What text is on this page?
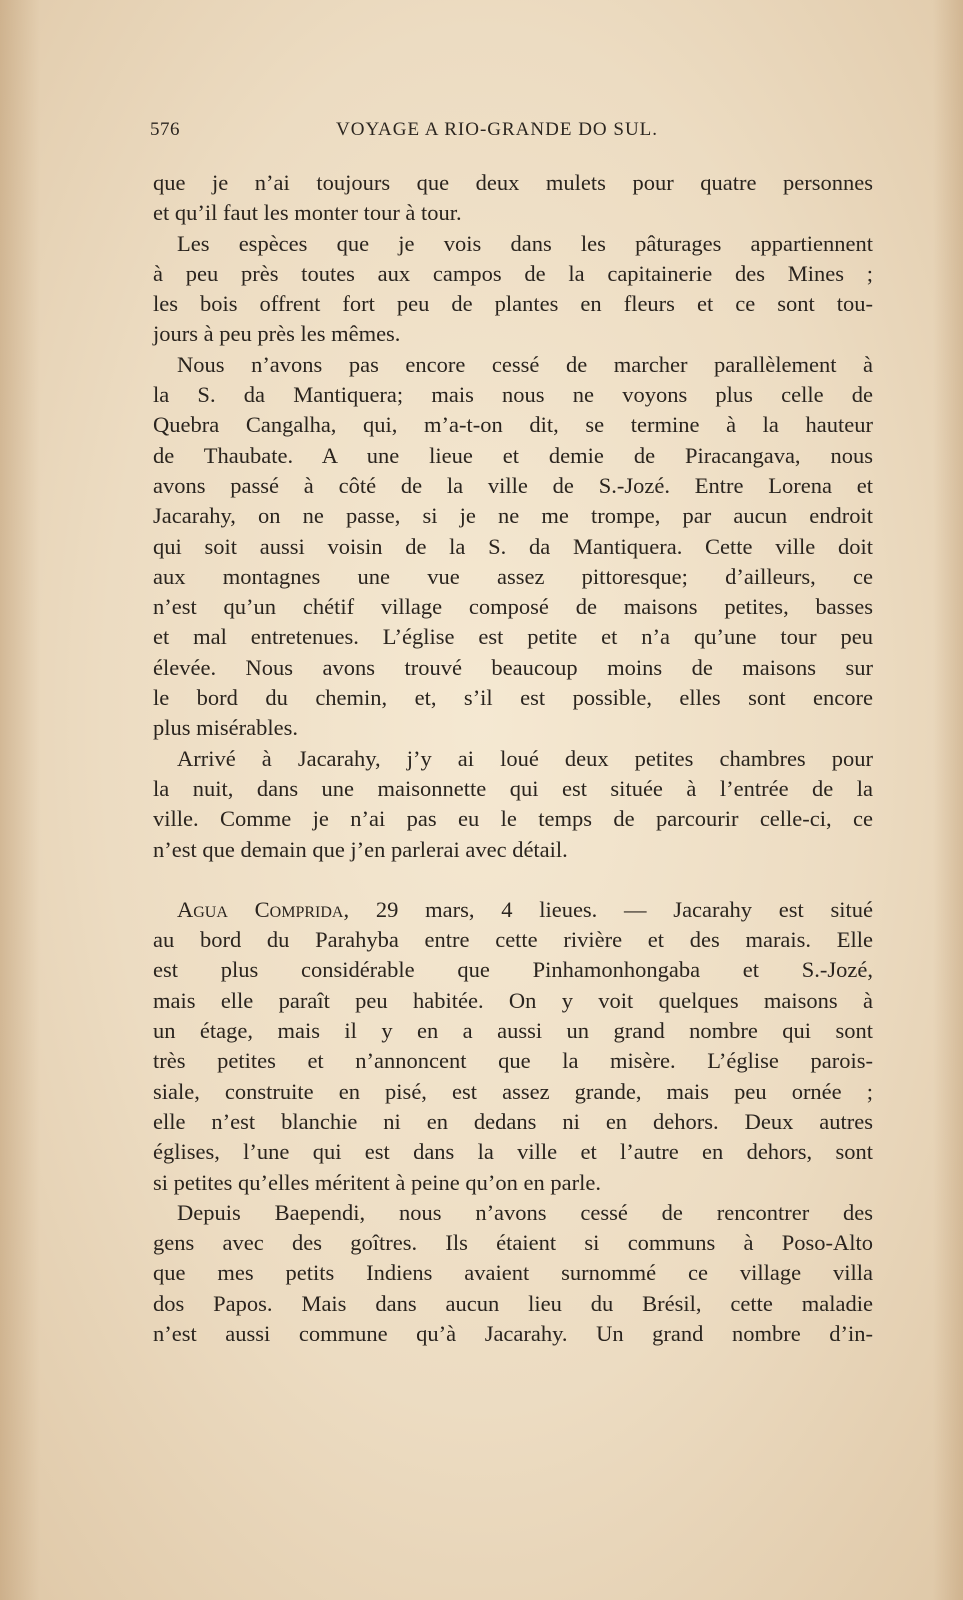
576	VOYAGE A RIO-GRANDE DO SUL.
que je n’ai toujours que deux mulets pour quatre personnes
et qu’il faut les monter tour à tour.
Les espèces que je vois dans les pâturages appartiennent
à peu près toutes aux campos de la capitainerie des Mines ;
les bois offrent fort peu de plantes en fleurs et ce sont tou-
jours à peu près les mêmes.
Nous n’avons pas encore cessé de marcher parallèlement à
la S. da Mantiquera; mais nous ne voyons plus celle de
Quebra Cangalha, qui, m’a-t-on dit, se termine à la hauteur
de Thaubate. A une lieue et demie de Piracangava, nous
avons passé à côté de la ville de S.-Jozé. Entre Lorena et
Jacarahy, on ne passe, si je ne me trompe, par aucun endroit
qui soit aussi voisin de la S. da Mantiquera. Cette ville doit
aux montagnes une vue assez pittoresque; d’ailleurs, ce
n’est qu’un chétif village composé de maisons petites, basses
et mal entretenues. L’église est petite et n’a qu’une tour peu
élevée. Nous avons trouvé beaucoup moins de maisons sur
le bord du chemin, et, s’il est possible, elles sont encore
plus misérables.
Arrivé à Jacarahy, j’y ai loué deux petites chambres pour
la nuit, dans une maisonnette qui est située à l’entrée de la
ville. Comme je n’ai pas eu le temps de parcourir celle-ci, ce
n’est que demain que j’en parlerai avec détail.
Agua Comprida, 29 mars, 4 lieues. — Jacarahy est situé
au bord du Parahyba entre cette rivière et des marais. Elle
est plus considérable que Pinhamonhongaba et S.-Jozé,
mais elle paraît peu habitée. On y voit quelques maisons à
un étage, mais il y en a aussi un grand nombre qui sont
très petites et n’annoncent que la misère. L’église parois-
siale, construite en pisé, est assez grande, mais peu ornée ;
elle n’est blanchie ni en dedans ni en dehors. Deux autres
églises, l’une qui est dans la ville et l’autre en dehors, sont
si petites qu’elles méritent à peine qu’on en parle.
Depuis Baependi, nous n’avons cessé de rencontrer des
gens avec des goîtres. Ils étaient si communs à Poso-Alto
que mes petits Indiens avaient surnommé ce village villa
dos Papos. Mais dans aucun lieu du Brésil, cette maladie
n’est aussi commune qu’à Jacarahy. Un grand nombre d’in-
